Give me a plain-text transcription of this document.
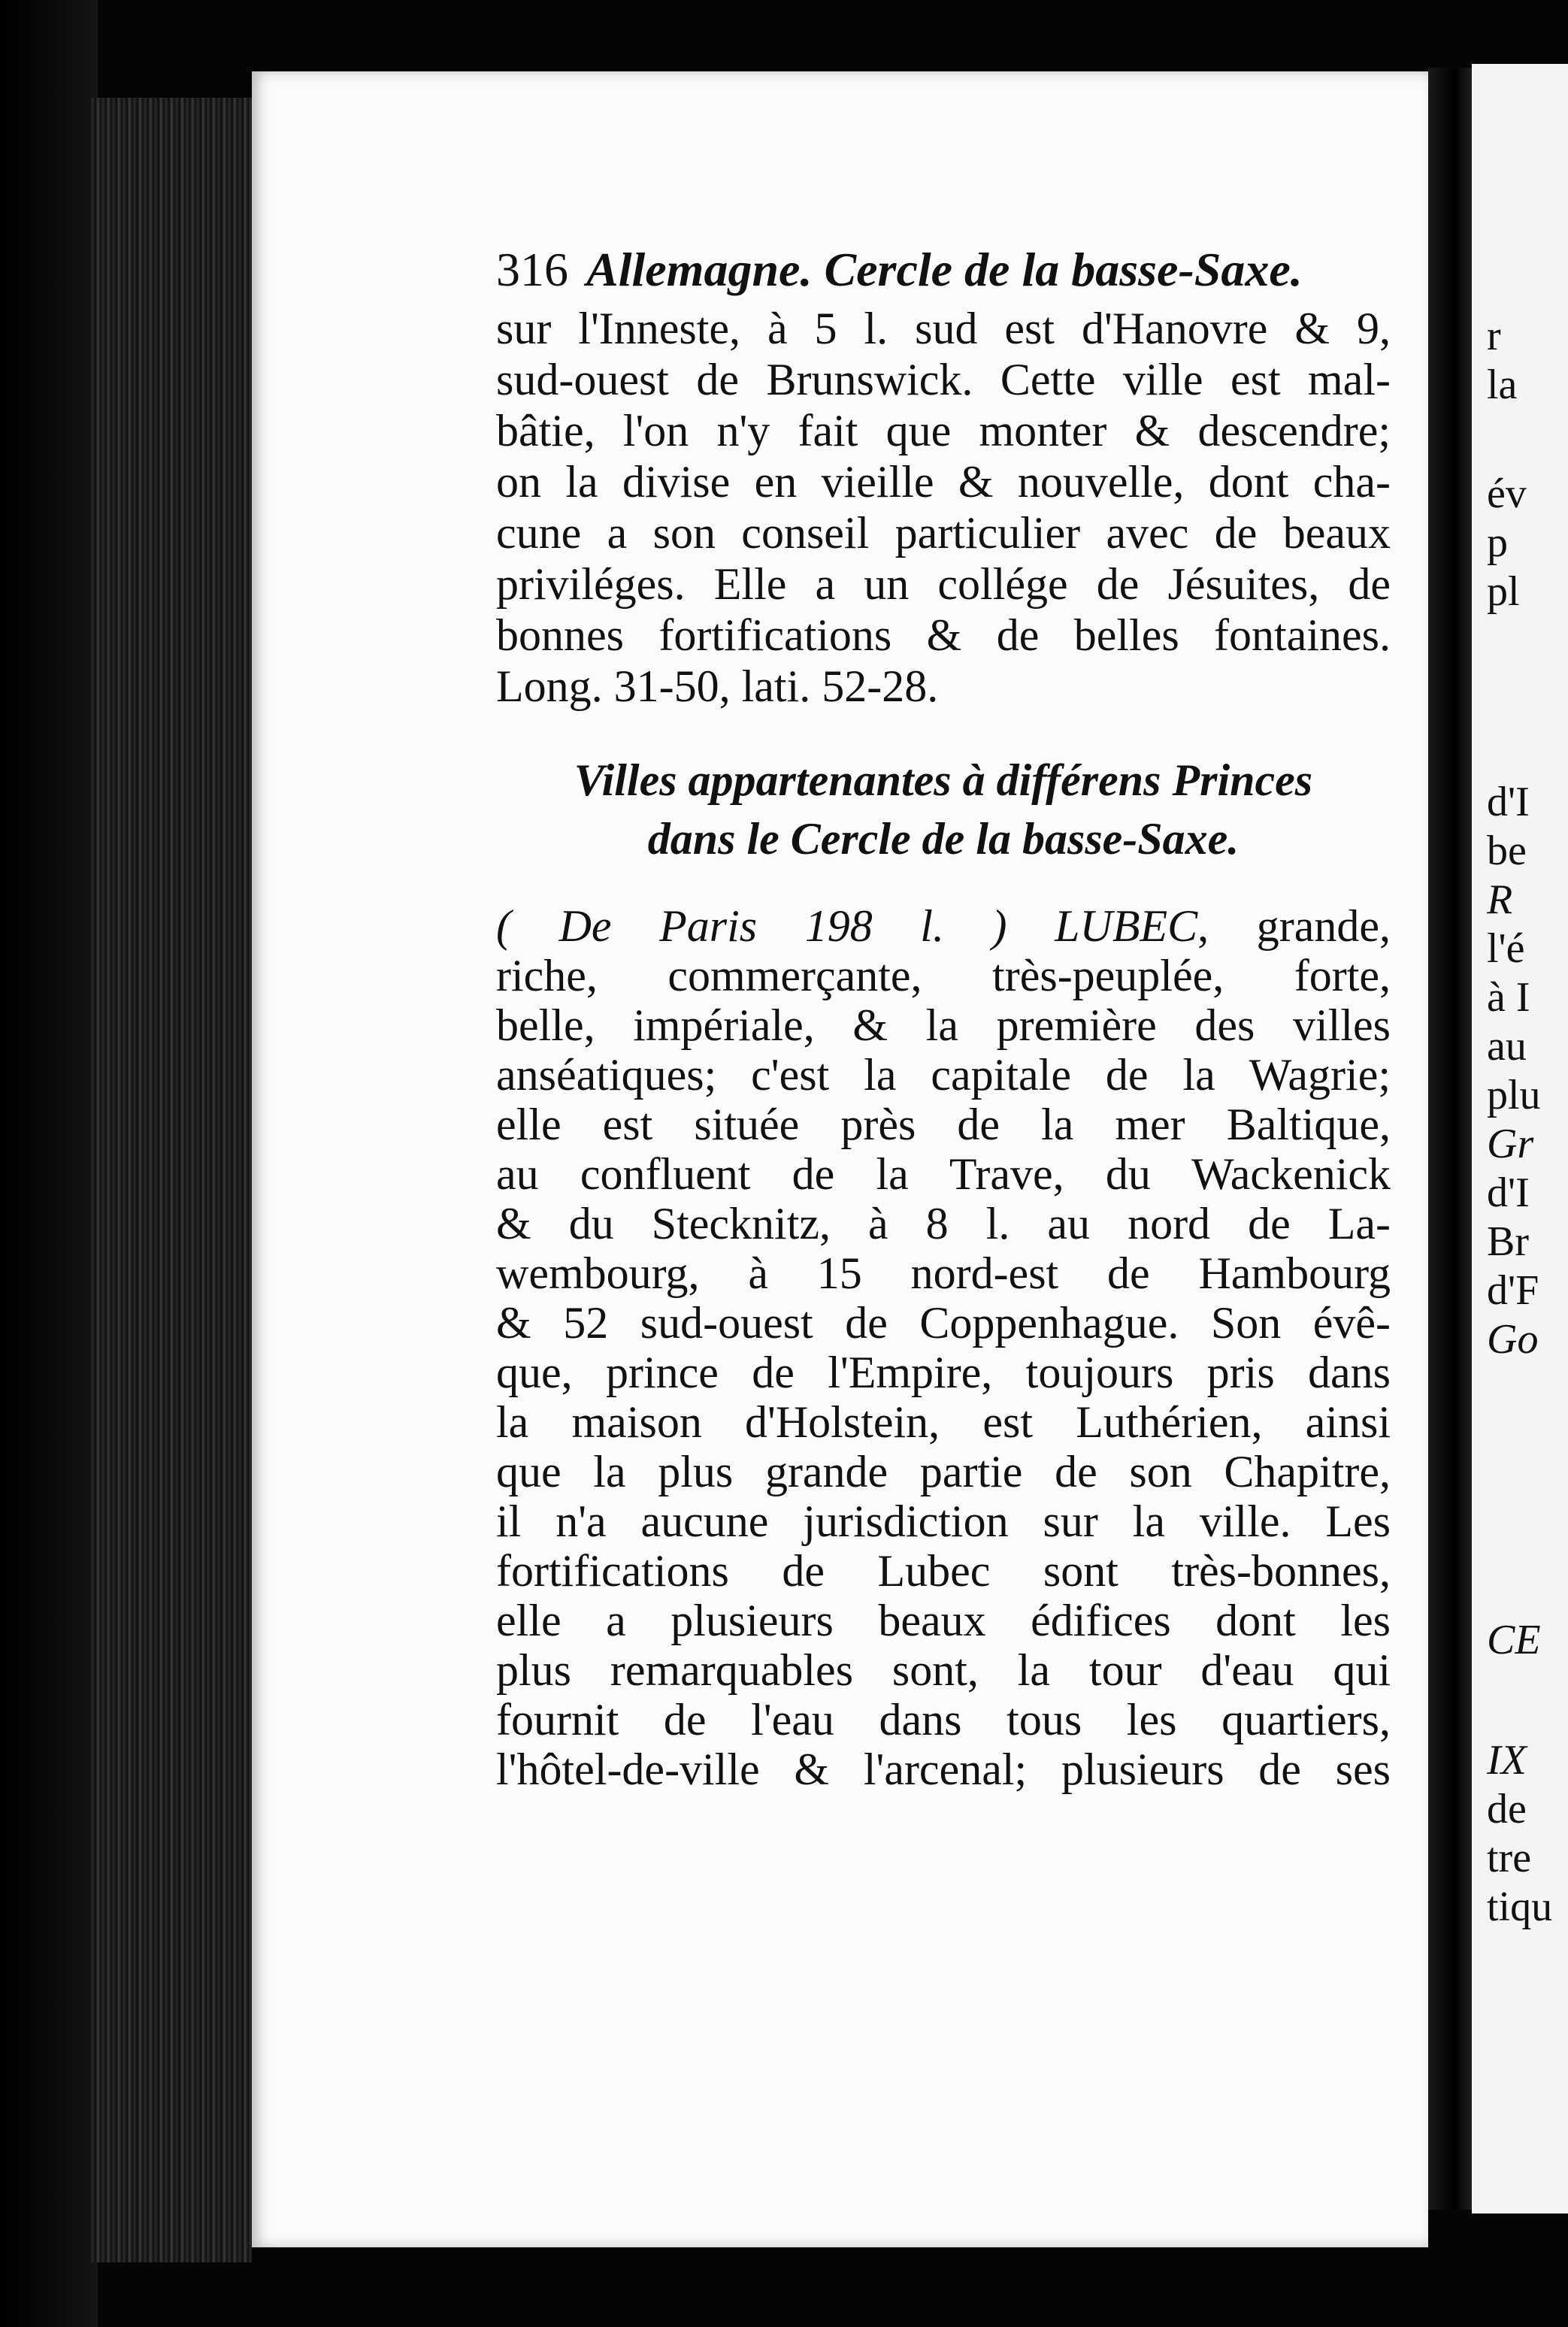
r
la
év
p
pl
d'I
be
R
l'é
à I
au
plu
Gr
d'I
Br
d'F
Go
CE
IX
de
tre
tiqu
316 Allemagne. Cercle de la basse-Saxe.
sur l'Inneste, à 5 l. sud est d'Hanovre & 9,
sud-ouest de Brunswick. Cette ville est mal-
bâtie, l'on n'y fait que monter & descendre;
on la divise en vieille & nouvelle, dont cha-
cune a son conseil particulier avec de beaux
priviléges. Elle a un collége de Jésuites, de
bonnes fortifications & de belles fontaines.
Long. 31-50, lati. 52-28.
Villes appartenantes à différens Princes
dans le Cercle de la basse-Saxe.
( De Paris 198 l. ) LUBEC, grande,
riche, commerçante, très-peuplée, forte,
belle, impériale, & la première des villes
anséatiques; c'est la capitale de la Wagrie;
elle est située près de la mer Baltique,
au confluent de la Trave, du Wackenick
& du Stecknitz, à 8 l. au nord de La-
wembourg, à 15 nord-est de Hambourg
& 52 sud-ouest de Coppenhague. Son évê-
que, prince de l'Empire, toujours pris dans
la maison d'Holstein, est Luthérien, ainsi
que la plus grande partie de son Chapitre,
il n'a aucune jurisdiction sur la ville. Les
fortifications de Lubec sont très-bonnes,
elle a plusieurs beaux édifices dont les
plus remarquables sont, la tour d'eau qui
fournit de l'eau dans tous les quartiers,
l'hôtel-de-ville & l'arcenal; plusieurs de ses
